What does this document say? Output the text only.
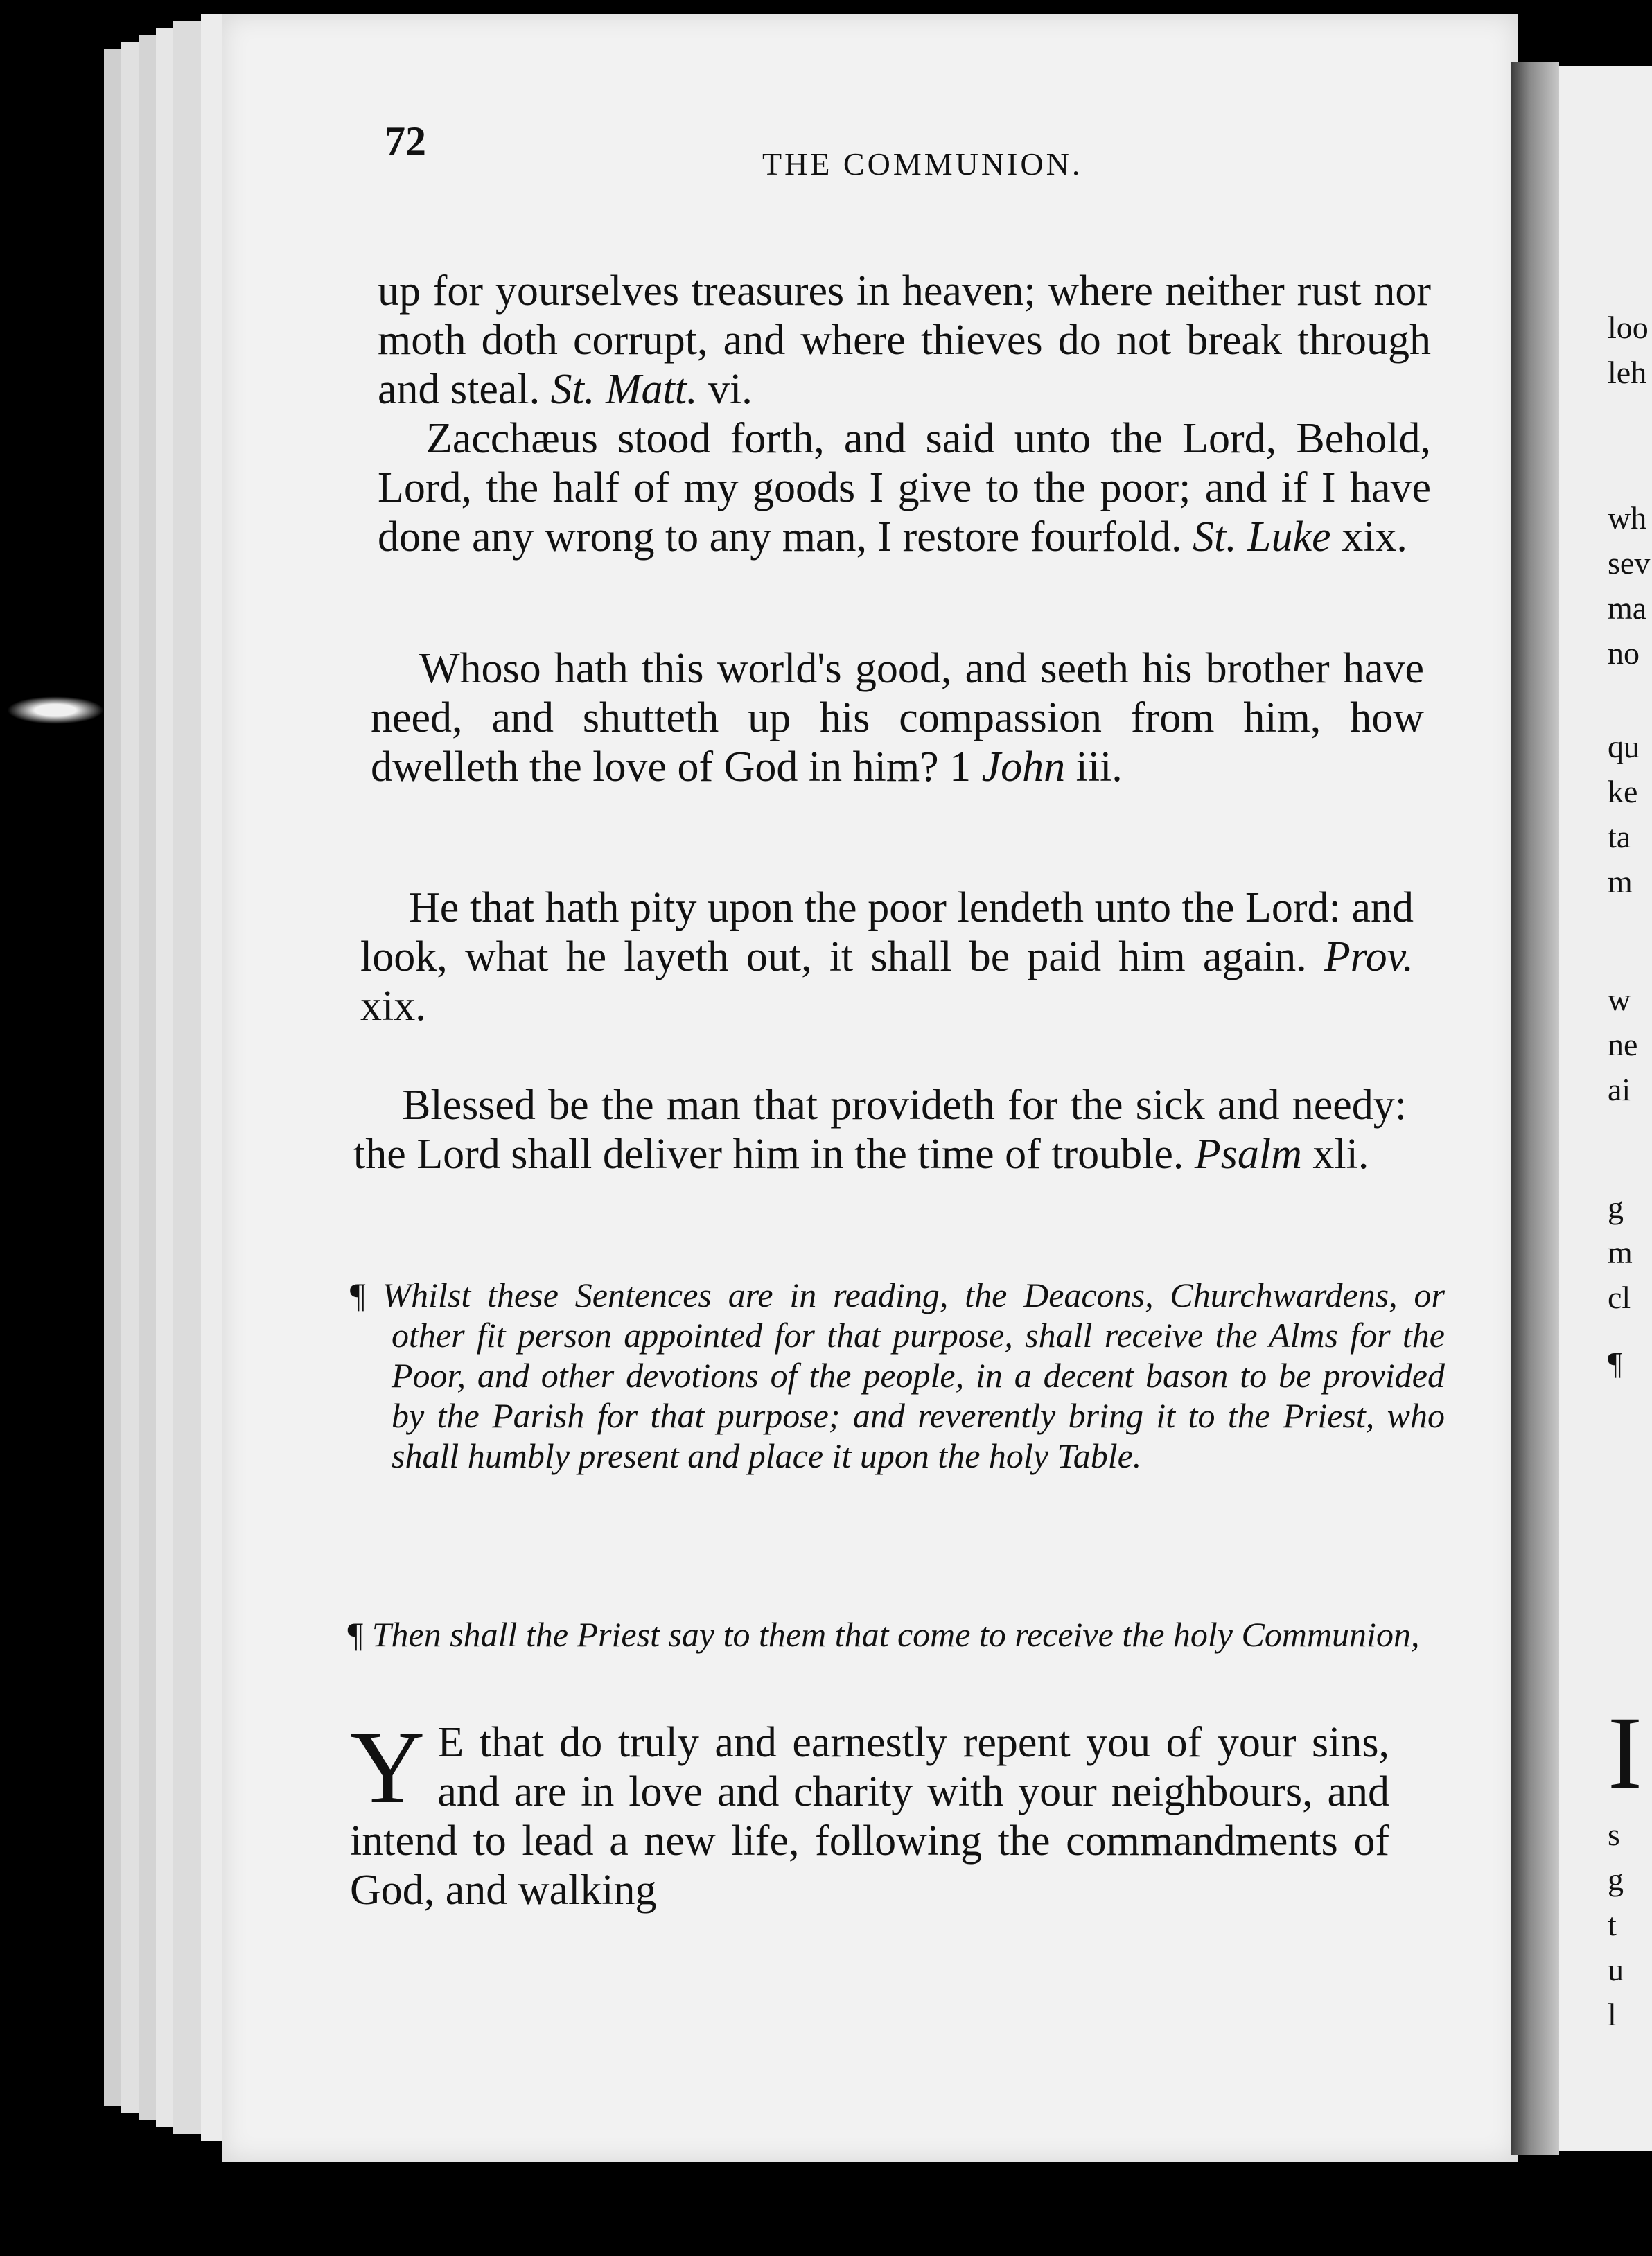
72	THE COMMUNION.

up for yourselves treasures in heaven; where neither rust nor moth doth corrupt, and where thieves do not break through and steal. St. Matt. vi.
Zacchæus stood forth, and said unto the Lord, Behold, Lord, the half of my goods I give to the poor; and if I have done any wrong to any man, I restore fourfold. St. Luke xix.

Whoso hath this world's good, and seeth his brother have need, and shutteth up his compassion from him, how dwelleth the love of God in him? 1 John iii.

He that hath pity upon the poor lendeth unto the Lord: and look, what he layeth out, it shall be paid him again. Prov. xix.

Blessed be the man that provideth for the sick and needy: the Lord shall deliver him in the time of trouble. Psalm xli.

¶ Whilst these Sentences are in reading, the Deacons, Churchwardens, or other fit person appointed for that purpose, shall receive the Alms for the Poor, and other devotions of the people, in a decent bason to be provided by the Parish for that purpose; and reverently bring it to the Priest, who shall humbly present and place it upon the holy Table.

¶ Then shall the Priest say to them that come to receive the holy Communion,

Y E that do truly and earnestly repent you of your sins, and are in love and charity with your neighbours, and intend to lead a new life, following the commandments of God, and walking

loo
leh
wh
sev
ma
no
qu
ke
ta
m
w
ne
ai
g
m
cl
¶
I
s
g
t
u
l
